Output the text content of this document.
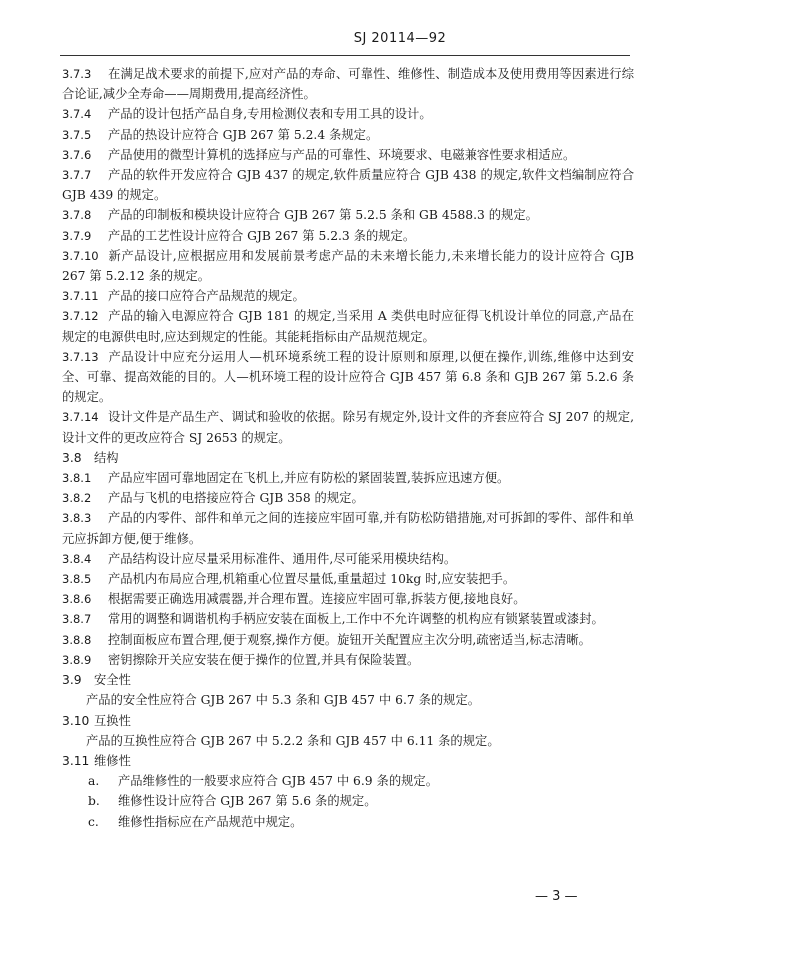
SJ 20114—92

3.7.3 在满足战术要求的前提下,应对产品的寿命、可靠性、维修性、制造成本及使用费用等因素进行综合论证,减少全寿命——周期费用,提高经济性。

3.7.4 产品的设计包括产品自身,专用检测仪表和专用工具的设计。

3.7.5 产品的热设计应符合 GJB 267 第 5.2.4 条规定。

3.7.6 产品使用的微型计算机的选择应与产品的可靠性、环境要求、电磁兼容性要求相适应。

3.7.7 产品的软件开发应符合 GJB 437 的规定,软件质量应符合 GJB 438 的规定,软件文档编制应符合 GJB 439 的规定。

3.7.8 产品的印制板和模块设计应符合 GJB 267 第 5.2.5 条和 GB 4588.3 的规定。

3.7.9 产品的工艺性设计应符合 GJB 267 第 5.2.3 条的规定。

3.7.10 新产品设计,应根据应用和发展前景考虑产品的未来增长能力,未来增长能力的设计应符合 GJB 267 第 5.2.12 条的规定。

3.7.11 产品的接口应符合产品规范的规定。

3.7.12 产品的输入电源应符合 GJB 181 的规定,当采用 A 类供电时应征得飞机设计单位的同意,产品在规定的电源供电时,应达到规定的性能。其能耗指标由产品规范规定。

3.7.13 产品设计中应充分运用人—机环境系统工程的设计原则和原理,以便在操作,训练,维修中达到安全、可靠、提高效能的目的。人—机环境工程的设计应符合 GJB 457 第 6.8 条和 GJB 267 第 5.2.6 条的规定。

3.7.14 设计文件是产品生产、调试和验收的依据。除另有规定外,设计文件的齐套应符合 SJ 207 的规定,设计文件的更改应符合 SJ 2653 的规定。

3.8 结构

3.8.1 产品应牢固可靠地固定在飞机上,并应有防松的紧固装置,装拆应迅速方便。

3.8.2 产品与飞机的电搭接应符合 GJB 358 的规定。

3.8.3 产品的内零件、部件和单元之间的连接应牢固可靠,并有防松防错措施,对可拆卸的零件、部件和单元应拆卸方便,便于维修。

3.8.4 产品结构设计应尽量采用标准件、通用件,尽可能采用模块结构。

3.8.5 产品机内布局应合理,机箱重心位置尽量低,重量超过 10kg 时,应安装把手。

3.8.6 根据需要正确选用减震器,并合理布置。连接应牢固可靠,拆装方便,接地良好。

3.8.7 常用的调整和调谐机构手柄应安装在面板上,工作中不允许调整的机构应有锁紧装置或漆封。

3.8.8 控制面板应布置合理,便于观察,操作方便。旋钮开关配置应主次分明,疏密适当,标志清晰。

3.8.9 密钥擦除开关应安装在便于操作的位置,并具有保险装置。

3.9 安全性

产品的安全性应符合 GJB 267 中 5.3 条和 GJB 457 中 6.7 条的规定。

3.10 互换性

产品的互换性应符合 GJB 267 中 5.2.2 条和 GJB 457 中 6.11 条的规定。

3.11 维修性

a. 产品维修性的一般要求应符合 GJB 457 中 6.9 条的规定。

b. 维修性设计应符合 GJB 267 第 5.6 条的规定。

c. 维修性指标应在产品规范中规定。

— 3 —
